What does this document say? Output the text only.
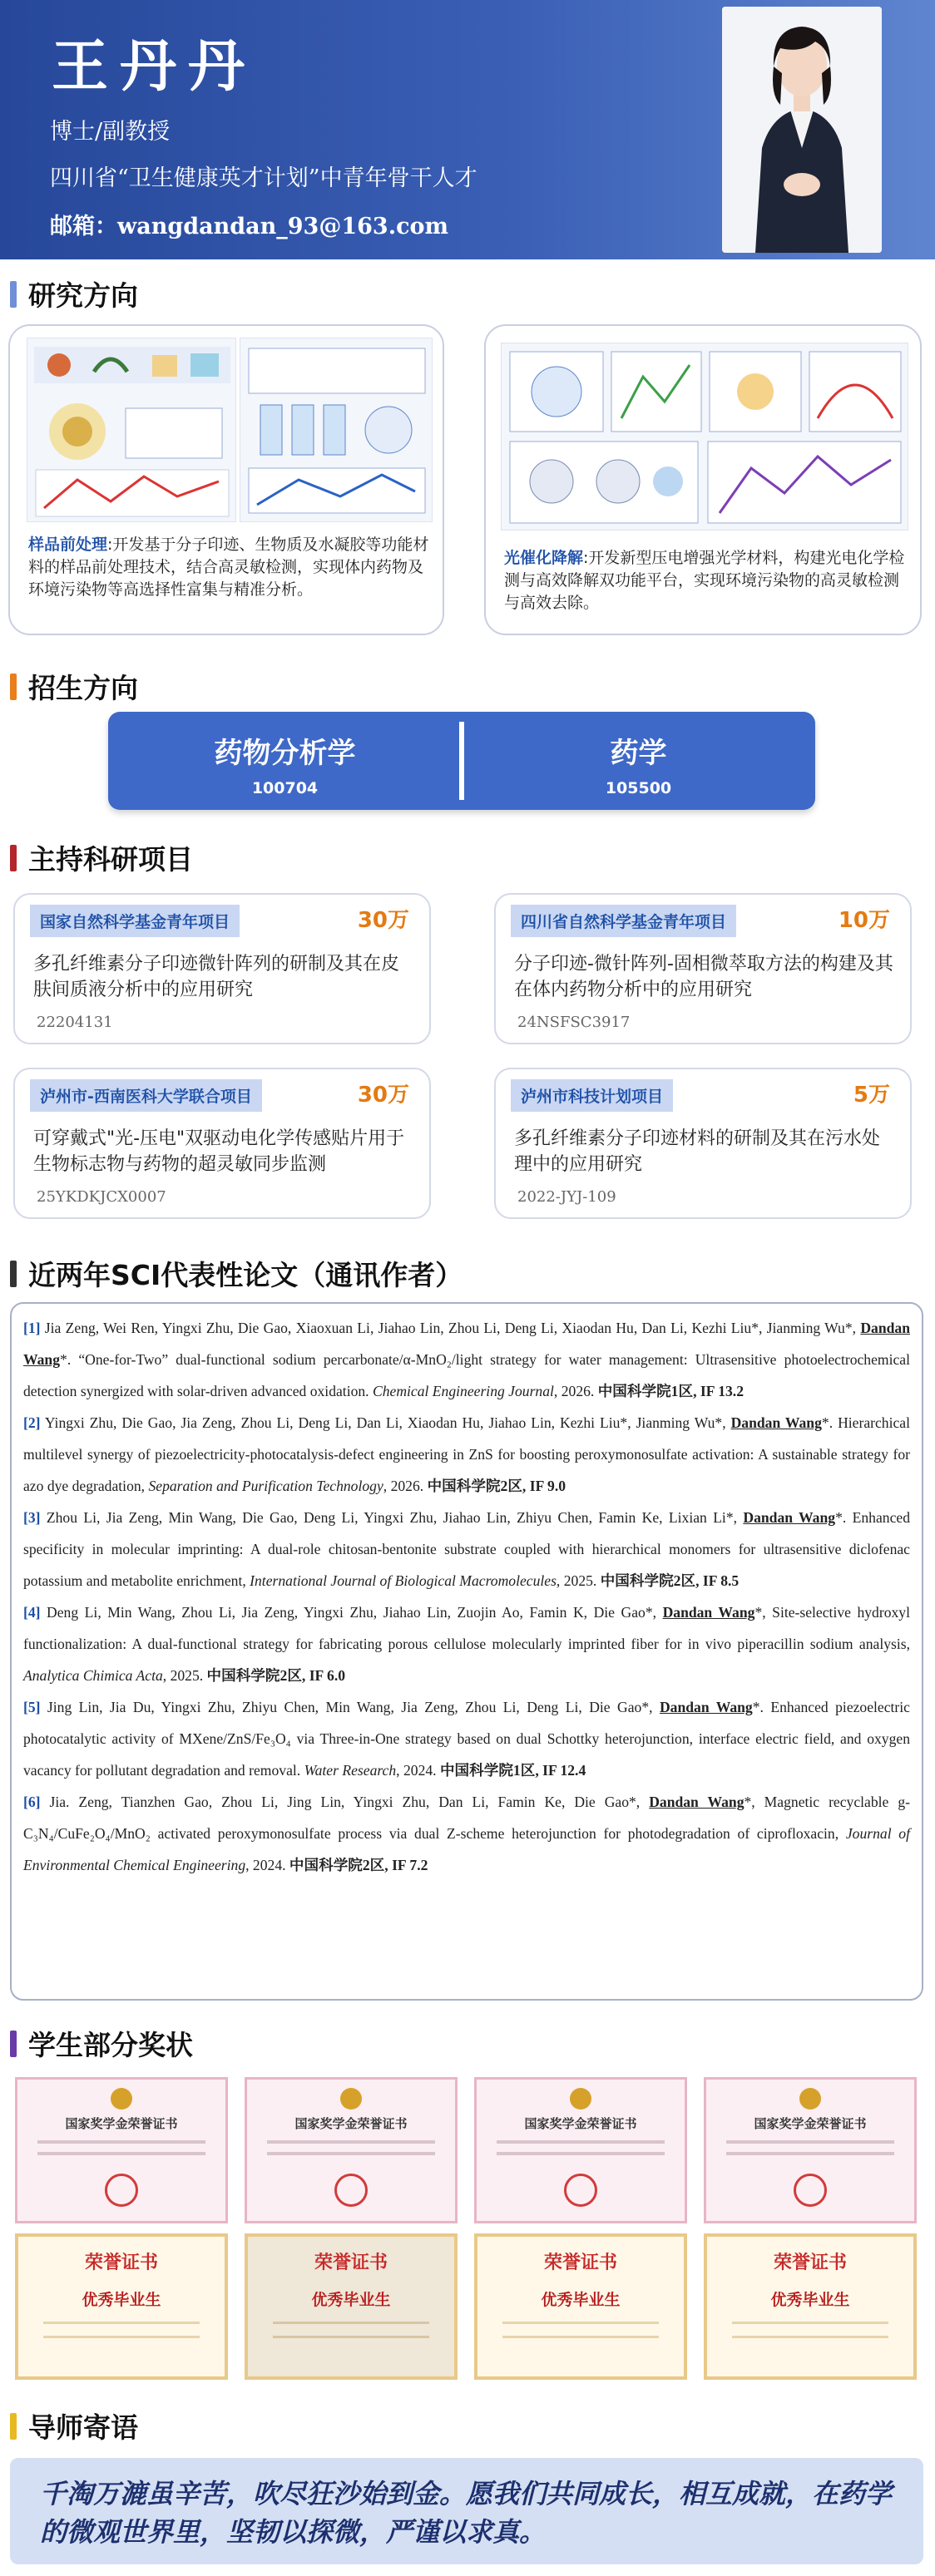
王丹丹
博士/副教授
四川省“卫生健康英才计划”中青年骨干人才
邮箱：wangdandan_93@163.com
研究方向
样品前处理:开发基于分子印迹、生物质及水凝胶等功能材料的样品前处理技术，结合高灵敏检测，实现体内药物及环境污染物等高选择性富集与精准分析。
光催化降解:开发新型压电增强光学材料，构建光电化学检测与高效降解双功能平台，实现环境污染物的高灵敏检测与高效去除。
招生方向
药物分析学
100704
药学
105500
主持科研项目
国家自然科学基金青年项目	30万
多孔纤维素分子印迹微针阵列的研制及其在皮肤间质液分析中的应用研究
22204131
四川省自然科学基金青年项目	10万
分子印迹-微针阵列-固相微萃取方法的构建及其在体内药物分析中的应用研究
24NSFSC3917
泸州市-西南医科大学联合项目	30万
可穿戴式"光-压电"双驱动电化学传感贴片用于生物标志物与药物的超灵敏同步监测
25YKDKJCX0007
泸州市科技计划项目	5万
多孔纤维素分子印迹材料的研制及其在污水处理中的应用研究
2022-JYJ-109
近两年SCI代表性论文（通讯作者）

[1] Jia Zeng, Wei Ren, Yingxi Zhu, Die Gao, Xiaoxuan Li, Jiahao Lin, Zhou Li, Deng Li, Xiaodan Hu, Dan Li, Kezhi Liu*, Jianming Wu*, Dandan Wang*. “One-for-Two” dual-functional sodium percarbonate/α-MnO₂/light strategy for water management: Ultrasensitive photoelectrochemical detection synergized with solar-driven advanced oxidation. Chemical Engineering Journal, 2026. 中国科学院1区, IF 13.2

[2] Yingxi Zhu, Die Gao, Jia Zeng, Zhou Li, Deng Li, Dan Li, Xiaodan Hu, Jiahao Lin, Kezhi Liu*, Jianming Wu*, Dandan Wang*. Hierarchical multilevel synergy of piezoelectricity-photocatalysis-defect engineering in ZnS for boosting peroxymonosulfate activation: A sustainable strategy for azo dye degradation, Separation and Purification Technology, 2026. 中国科学院2区, IF 9.0

[3] Zhou Li, Jia Zeng, Min Wang, Die Gao, Deng Li, Yingxi Zhu, Jiahao Lin, Zhiyu Chen, Famin Ke, Lixian Li*, Dandan Wang*. Enhanced specificity in molecular imprinting: A dual-role chitosan-bentonite substrate coupled with hierarchical monomers for ultrasensitive diclofenac potassium and metabolite enrichment, International Journal of Biological Macromolecules, 2025. 中国科学院2区, IF 8.5

[4] Deng Li, Min Wang, Zhou Li, Jia Zeng, Yingxi Zhu, Jiahao Lin, Zuojin Ao, Famin K, Die Gao*, Dandan Wang*, Site-selective hydroxyl functionalization: A dual-functional strategy for fabricating porous cellulose molecularly imprinted fiber for in vivo piperacillin sodium analysis, Analytica Chimica Acta, 2025. 中国科学院2区, IF 6.0

[5] Jing Lin, Jia Du, Yingxi Zhu, Zhiyu Chen, Min Wang, Jia Zeng, Zhou Li, Deng Li, Die Gao*, Dandan Wang*. Enhanced piezoelectric photocatalytic activity of MXene/ZnS/Fe₃O₄ via Three-in-One strategy based on dual Schottky heterojunction, interface electric field, and oxygen vacancy for pollutant degradation and removal. Water Research, 2024. 中国科学院1区, IF 12.4

[6] Jia. Zeng, Tianzhen Gao, Zhou Li, Jing Lin, Yingxi Zhu, Dan Li, Famin Ke, Die Gao*, Dandan Wang*, Magnetic recyclable g-C₃N₄/CuFe₂O₄/MnO₂ activated peroxymonosulfate process via dual Z-scheme heterojunction for photodegradation of ciprofloxacin, Journal of Environmental Chemical Engineering, 2024. 中国科学院2区, IF 7.2

学生部分奖状
国家奖学金荣誉证书	国家奖学金荣誉证书	国家奖学金荣誉证书	国家奖学金荣誉证书
荣誉证书
优秀毕业生
荣誉证书
优秀毕业生
荣誉证书
优秀毕业生
荣誉证书
优秀毕业生
导师寄语
千淘万漉虽辛苦，吹尽狂沙始到金。愿我们共同成长，相互成就，在药学的微观世界里，坚韧以探微，严谨以求真。
